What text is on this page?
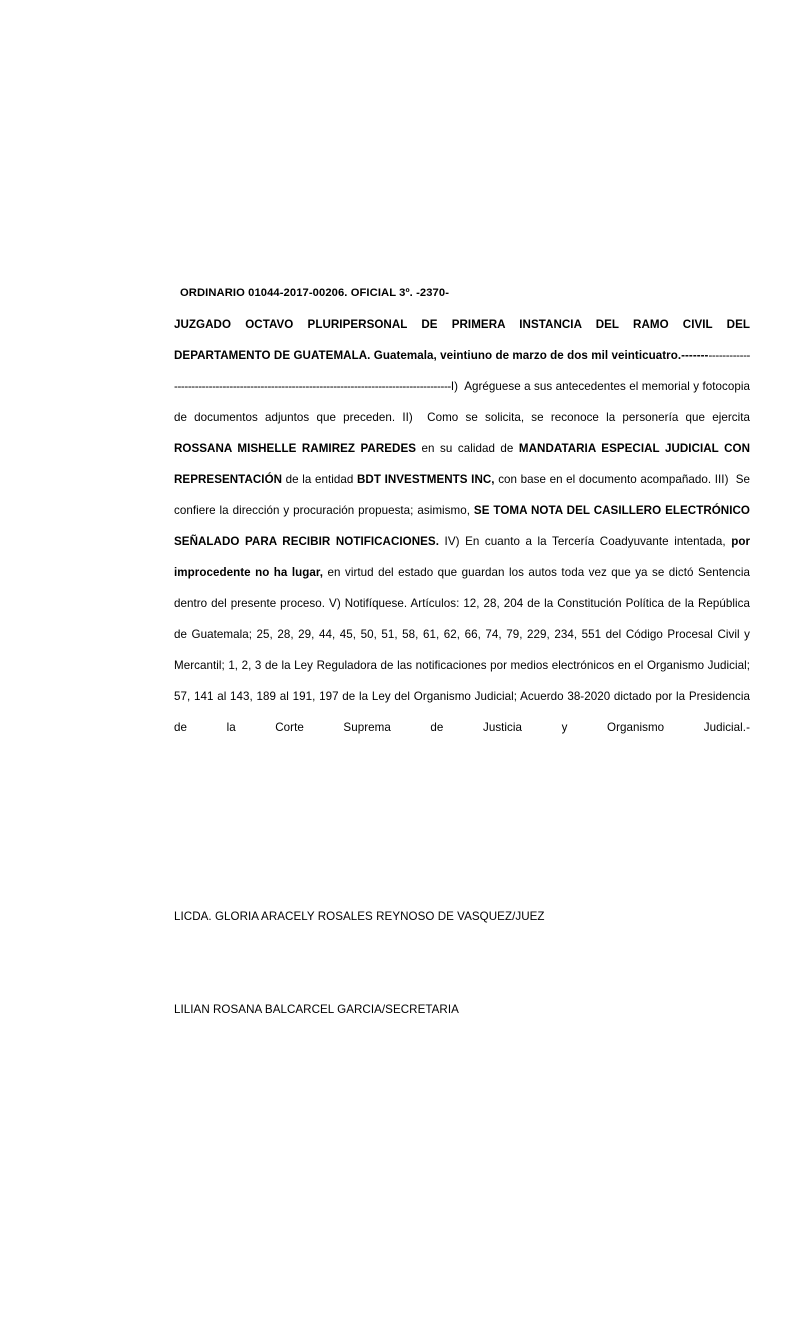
ORDINARIO 01044-2017-00206. OFICIAL 3º. -2370-

JUZGADO OCTAVO PLURIPERSONAL DE PRIMERA INSTANCIA DEL RAMO CIVIL DEL DEPARTAMENTO DE GUATEMALA. Guatemala, veintiuno de marzo de dos mil veinticuatro.---------------------------------------------------------------------------------------------------I) Agréguese a sus antecedentes el memorial y fotocopia de documentos adjuntos que preceden. II) Como se solicita, se reconoce la personería que ejercita ROSSANA MISHELLE RAMIREZ PAREDES en su calidad de MANDATARIA ESPECIAL JUDICIAL CON REPRESENTACIÓN de la entidad BDT INVESTMENTS INC, con base en el documento acompañado. III) Se confiere la dirección y procuración propuesta; asimismo, SE TOMA NOTA DEL CASILLERO ELECTRÓNICO SEÑALADO PARA RECIBIR NOTIFICACIONES. IV) En cuanto a la Tercería Coadyuvante intentada, por improcedente no ha lugar, en virtud del estado que guardan los autos toda vez que ya se dictó Sentencia dentro del presente proceso. V) Notifíquese. Artículos: 12, 28, 204 de la Constitución Política de la República de Guatemala; 25, 28, 29, 44, 45, 50, 51, 58, 61, 62, 66, 74, 79, 229, 234, 551 del Código Procesal Civil y Mercantil; 1, 2, 3 de la Ley Reguladora de las notificaciones por medios electrónicos en el Organismo Judicial; 57, 141 al 143, 189 al 191, 197 de la Ley del Organismo Judicial; Acuerdo 38-2020 dictado por la Presidencia de la Corte Suprema de Justicia y Organismo Judicial.-

LICDA. GLORIA ARACELY ROSALES REYNOSO DE VASQUEZ/JUEZ
LILIAN ROSANA BALCARCEL GARCIA/SECRETARIA
